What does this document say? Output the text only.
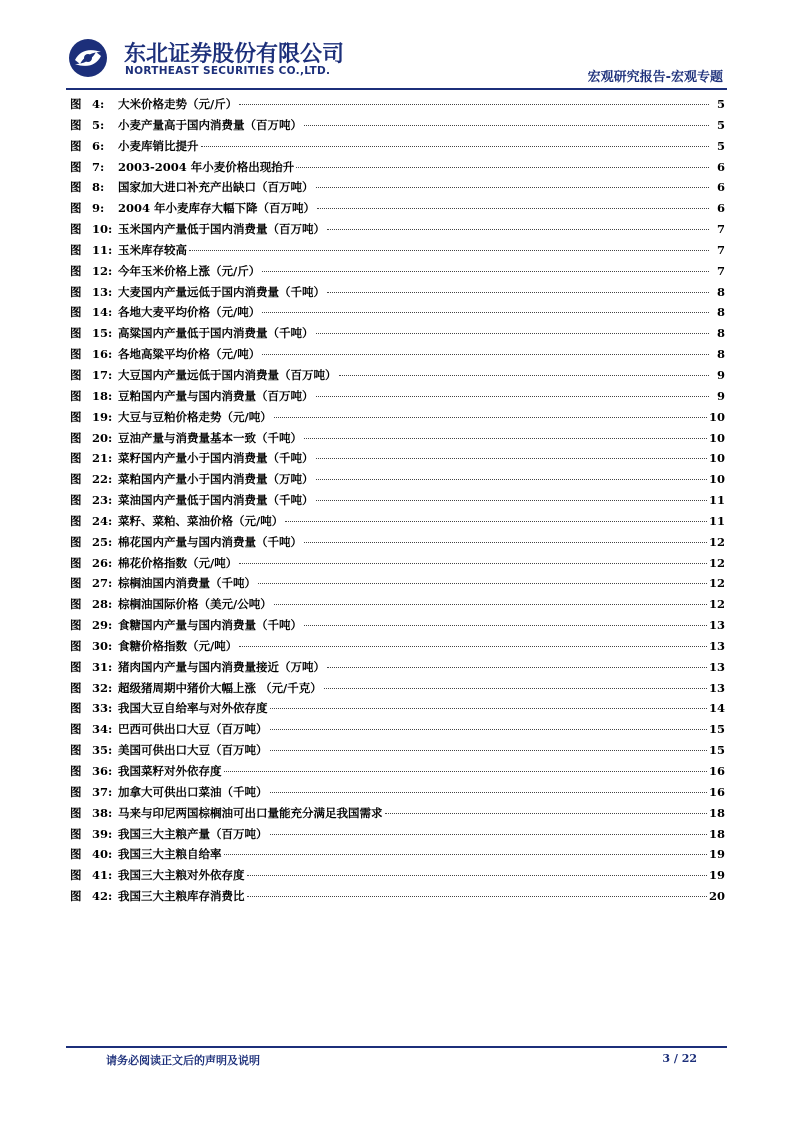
东北证券股份有限公司
NORTHEAST SECURITIES CO.,LTD.	宏观研究报告-宏观专题
图 4:	大米价格走势（元/斤）	5
图 5:	小麦产量高于国内消费量（百万吨）	5
图 6:	小麦库销比提升	5
图 7:	2003-2004 年小麦价格出现抬升	6
图 8:	国家加大进口补充产出缺口（百万吨）	6
图 9:	2004 年小麦库存大幅下降（百万吨）	6
图 10: 玉米国内产量低于国内消费量（百万吨）	7
图 11: 玉米库存较高	7
图 12: 今年玉米价格上涨（元/斤）	7
图 13: 大麦国内产量远低于国内消费量（千吨）	8
图 14: 各地大麦平均价格（元/吨）	8
图 15: 高粱国内产量低于国内消费量（千吨）	8
图 16: 各地高粱平均价格（元/吨）	8
图 17: 大豆国内产量远低于国内消费量（百万吨）	9
图 18: 豆粕国内产量与国内消费量（百万吨）	9
图 19: 大豆与豆粕价格走势（元/吨）	10
图 20: 豆油产量与消费量基本一致（千吨）	10
图 21: 菜籽国内产量小于国内消费量（千吨）	10
图 22: 菜粕国内产量小于国内消费量（万吨）	10
图 23: 菜油国内产量低于国内消费量（千吨）	11
图 24: 菜籽、菜粕、菜油价格（元/吨）	11
图 25: 棉花国内产量与国内消费量（千吨）	12
图 26: 棉花价格指数（元/吨）	12
图 27: 棕榈油国内消费量（千吨）	12
图 28: 棕榈油国际价格（美元/公吨）	12
图 29: 食糖国内产量与国内消费量（千吨）	13
图 30: 食糖价格指数（元/吨）	13
图 31: 猪肉国内产量与国内消费量接近（万吨）	13
图 32: 超级猪周期中猪价大幅上涨 （元/千克）	13
图 33: 我国大豆自给率与对外依存度	14
图 34: 巴西可供出口大豆（百万吨）	15
图 35: 美国可供出口大豆（百万吨）	15
图 36: 我国菜籽对外依存度	16
图 37: 加拿大可供出口菜油（千吨）	16
图 38: 马来与印尼两国棕榈油可出口量能充分满足我国需求	18
图 39: 我国三大主粮产量（百万吨）	18
图 40: 我国三大主粮自给率	19
图 41: 我国三大主粮对外依存度	19
图 42: 我国三大主粮库存消费比	20
请务必阅读正文后的声明及说明	3 / 22
